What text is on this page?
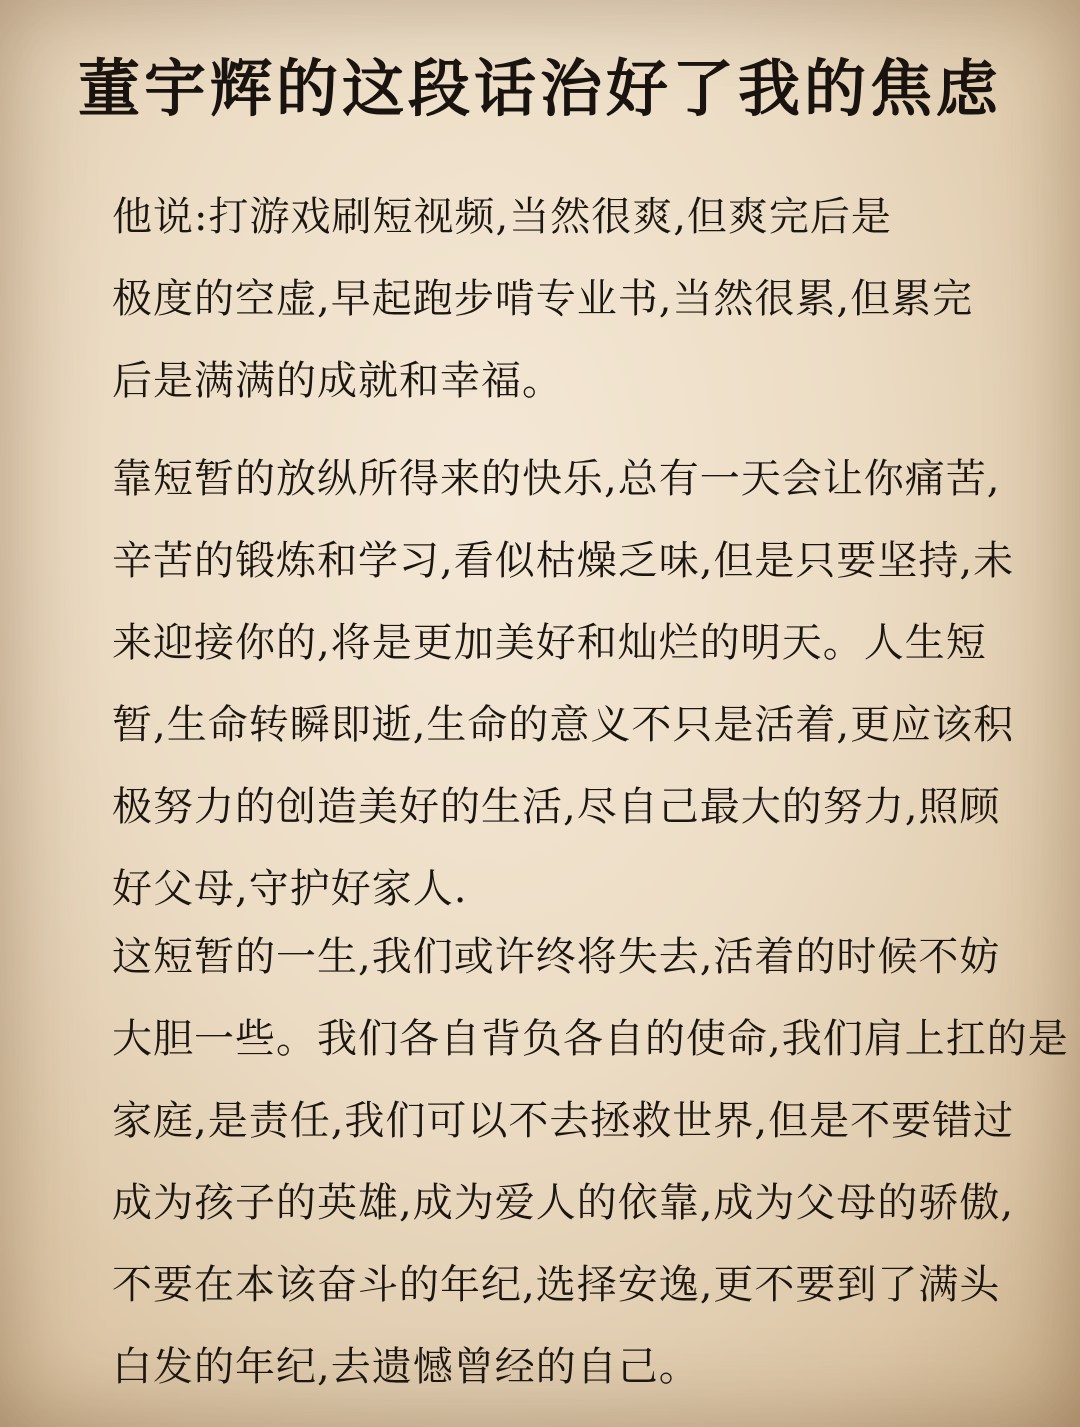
董宇辉的这段话治好了我的焦虑
他说:打游戏刷短视频,当然很爽,但爽完后是
极度的空虚,早起跑步啃专业书,当然很累,但累完
后是满满的成就和幸福。
靠短暂的放纵所得来的快乐,总有一天会让你痛苦,
辛苦的锻炼和学习,看似枯燥乏味,但是只要坚持,未
来迎接你的,将是更加美好和灿烂的明天。人生短
暂,生命转瞬即逝,生命的意义不只是活着,更应该积
极努力的创造美好的生活,尽自己最大的努力,照顾
好父母,守护好家人.
这短暂的一生,我们或许终将失去,活着的时候不妨
大胆一些。我们各自背负各自的使命,我们肩上扛的是
家庭,是责任,我们可以不去拯救世界,但是不要错过
成为孩子的英雄,成为爱人的依靠,成为父母的骄傲,
不要在本该奋斗的年纪,选择安逸,更不要到了满头
白发的年纪,去遗憾曾经的自己。
